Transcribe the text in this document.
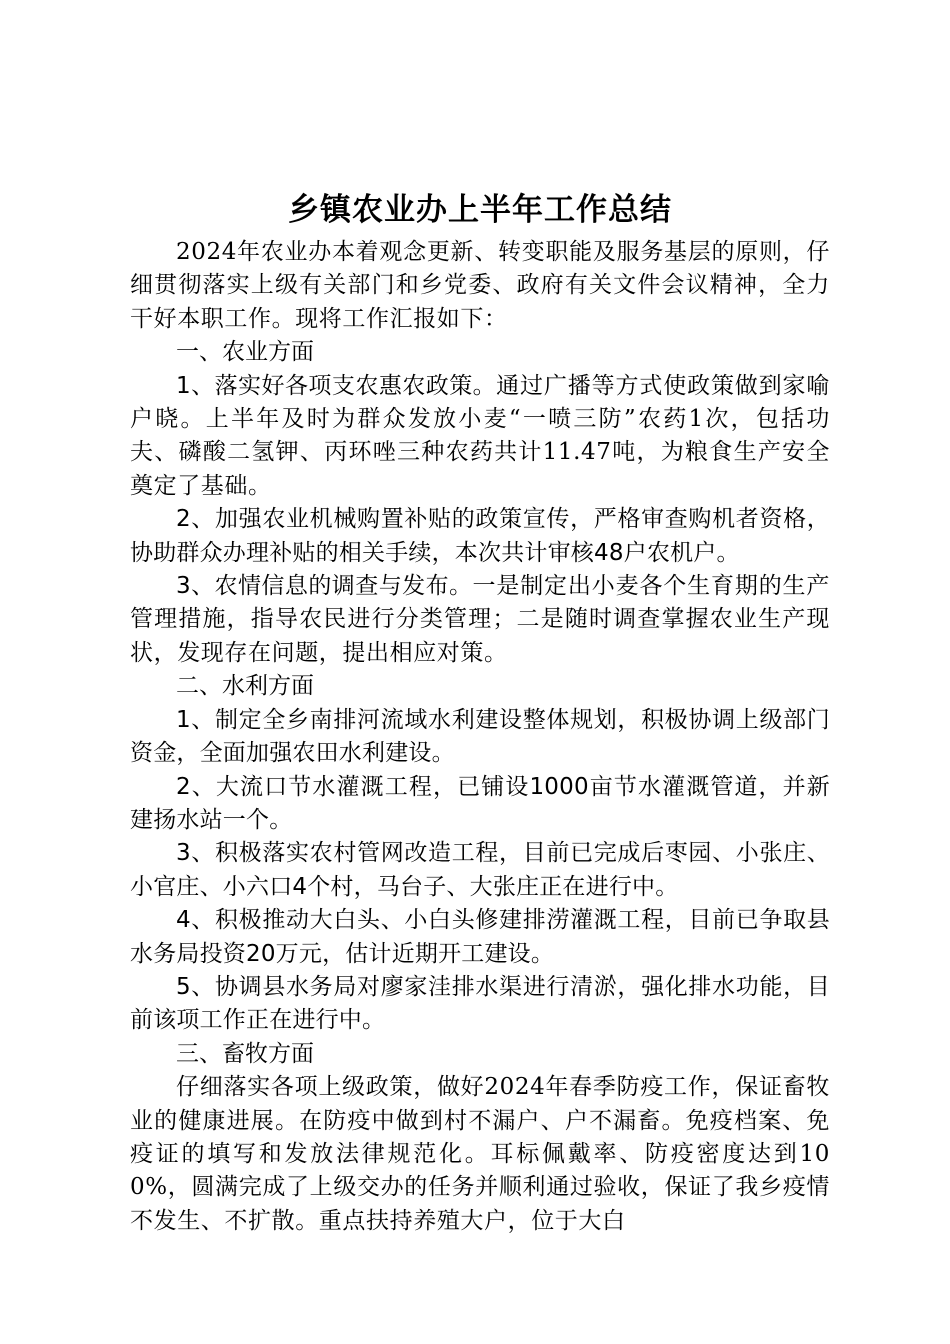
乡镇农业办上半年工作总结

2024年农业办本着观念更新、转变职能及服务基层的原则，仔细贯彻落实上级有关部门和乡党委、政府有关文件会议精神，全力干好本职工作。现将工作汇报如下：

一、农业方面

1、落实好各项支农惠农政策。通过广播等方式使政策做到家喻户晓。上半年及时为群众发放小麦“一喷三防”农药1次，包括功夫、磷酸二氢钾、丙环唑三种农药共计11.47吨，为粮食生产安全奠定了基础。

2、加强农业机械购置补贴的政策宣传，严格审查购机者资格，协助群众办理补贴的相关手续，本次共计审核48户农机户。

3、农情信息的调查与发布。一是制定出小麦各个生育期的生产管理措施，指导农民进行分类管理；二是随时调查掌握农业生产现状，发现存在问题，提出相应对策。

二、水利方面

1、制定全乡南排河流域水利建设整体规划，积极协调上级部门资金，全面加强农田水利建设。

2、大流口节水灌溉工程，已铺设1000亩节水灌溉管道，并新建扬水站一个。

3、积极落实农村管网改造工程，目前已完成后枣园、小张庄、小官庄、小六口4个村，马台子、大张庄正在进行中。

4、积极推动大白头、小白头修建排涝灌溉工程，目前已争取县水务局投资20万元，估计近期开工建设。

5、协调县水务局对廖家洼排水渠进行清淤，强化排水功能，目前该项工作正在进行中。

三、畜牧方面

仔细落实各项上级政策，做好2024年春季防疫工作，保证畜牧业的健康进展。在防疫中做到村不漏户、户不漏畜。免疫档案、免疫证的填写和发放法律规范化。耳标佩戴率、防疫密度达到100%，圆满完成了上级交办的任务并顺利通过验收，保证了我乡疫情不发生、不扩散。重点扶持养殖大户，位于大白
